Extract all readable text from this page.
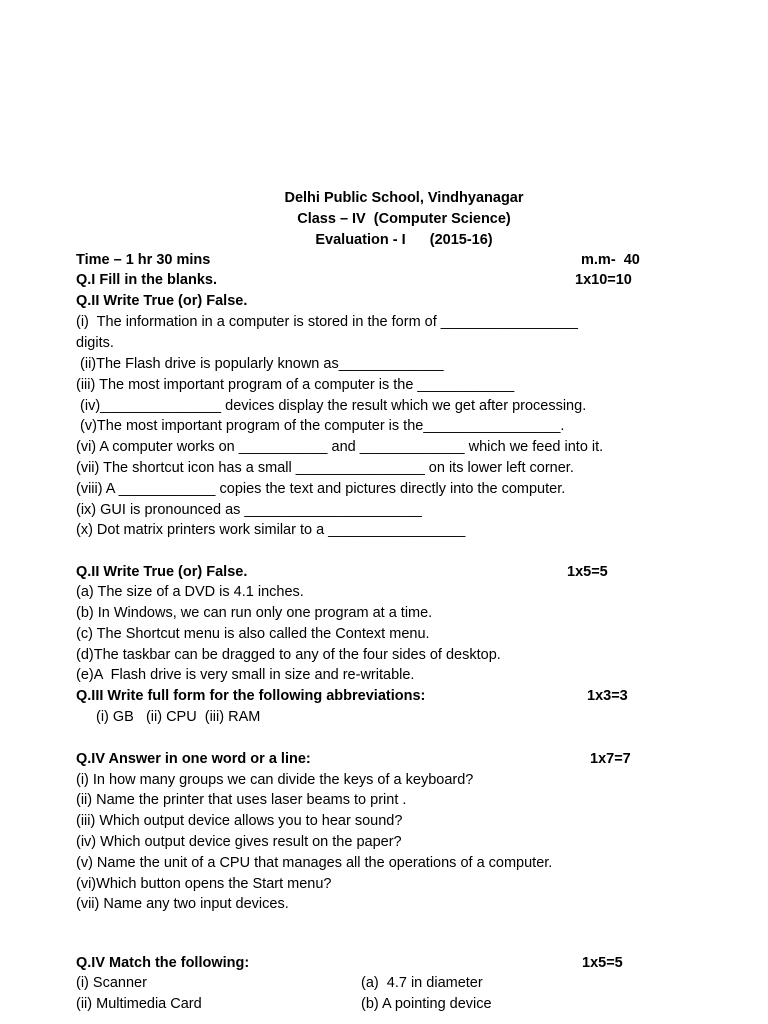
Delhi Public School, Vindhyanagar
Class – IV  (Computer Science)
Evaluation - I      (2015-16)
Time – 1 hr 30 mins	m.m-  40
Q.I Fill in the blanks.	1x10=10
Q.II Write True (or) False.
(i)  The information in a computer is stored in the form of _________________
digits.
(ii)The Flash drive is popularly known as_____________
(iii) The most important program of a computer is the ____________
(iv)_______________ devices display the result which we get after processing.
(v)The most important program of the computer is the_________________.
(vi) A computer works on ___________ and _____________ which we feed into it.
(vii) The shortcut icon has a small ________________ on its lower left corner.
(viii) A ____________ copies the text and pictures directly into the computer.
(ix) GUI is pronounced as ______________________
(x) Dot matrix printers work similar to a _________________
Q.II Write True (or) False.	1x5=5
(a) The size of a DVD is 4.1 inches.
(b) In Windows, we can run only one program at a time.
(c) The Shortcut menu is also called the Context menu.
(d)The taskbar can be dragged to any of the four sides of desktop.
(e)A  Flash drive is very small in size and re-writable.
Q.III Write full form for the following abbreviations:	1x3=3
(i) GB   (ii) CPU  (iii) RAM
Q.IV Answer in one word or a line:	1x7=7
(i) In how many groups we can divide the keys of a keyboard?
(ii) Name the printer that uses laser beams to print .
(iii) Which output device allows you to hear sound?
(iv) Which output device gives result on the paper?
(v) Name the unit of a CPU that manages all the operations of a computer.
(vi)Which button opens the Start menu?
(vii) Name any two input devices.
Q.IV Match the following:	1x5=5
(i) Scanner	(a)  4.7 in diameter
(ii) Multimedia Card	(b) A pointing device
